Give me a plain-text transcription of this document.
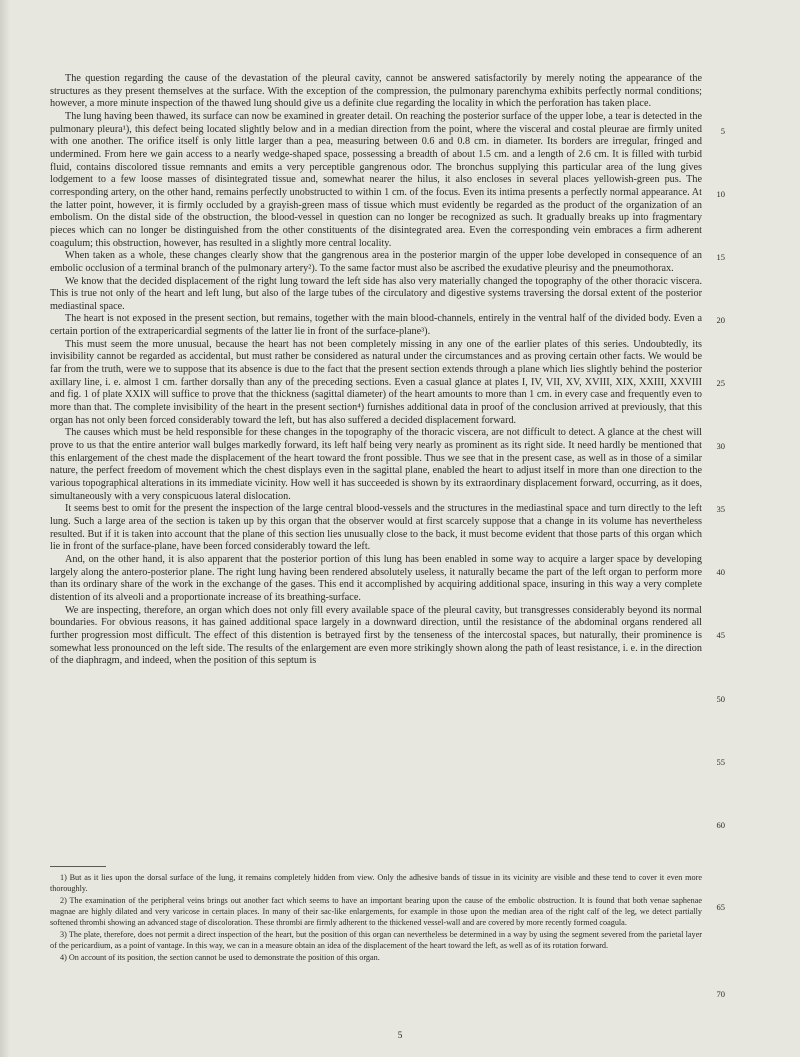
The question regarding the cause of the devastation of the pleural cavity, cannot be answered satisfactorily by merely noting the appearance of the structures as they present themselves at the surface. With the exception of the compression, the pulmonary parenchyma exhibits perfectly normal conditions; however, a more minute inspection of the thawed lung should give us a definite clue regarding the locality in which the perforation has taken place.

The lung having been thawed, its surface can now be examined in greater detail. On reaching the posterior surface of the upper lobe, a tear is detected in the pulmonary pleura¹), this defect being located slightly below and in a median direction from the point, where the visceral and costal pleurae are firmly united with one another. The orifice itself is only little larger than a pea, measuring between 0.6 and 0.8 cm. in diameter. Its borders are irregular, fringed and undermined. From here we gain access to a nearly wedge-shaped space, possessing a breadth of about 1.5 cm. and a length of 2.6 cm. It is filled with turbid fluid, contains discolored tissue remnants and emits a very perceptible gangrenous odor. The bronchus supplying this particular area of the lung gives lodgement to a few loose masses of disintegrated tissue and, somewhat nearer the hilus, it also encloses in several places yellowish-green pus. The corresponding artery, on the other hand, remains perfectly unobstructed to within 1 cm. of the focus. Even its intima presents a perfectly normal appearance. At the latter point, however, it is firmly occluded by a grayish-green mass of tissue which must evidently be regarded as the product of the organization of an embolism. On the distal side of the obstruction, the blood-vessel in question can no longer be recognized as such. It gradually breaks up into fragmentary pieces which can no longer be distinguished from the other constituents of the disintegrated area. Even the corresponding vein embraces a firm adherent coagulum; this obstruction, however, has resulted in a slightly more central locality.

When taken as a whole, these changes clearly show that the gangrenous area in the posterior margin of the upper lobe developed in consequence of an embolic occlusion of a terminal branch of the pulmonary artery²). To the same factor must also be ascribed the exudative pleurisy and the pneumothorax.

We know that the decided displacement of the right lung toward the left side has also very materially changed the topography of the other thoracic viscera. This is true not only of the heart and left lung, but also of the large tubes of the circulatory and digestive systems traversing the dorsal extent of the posterior mediastinal space.

The heart is not exposed in the present section, but remains, together with the main blood-channels, entirely in the ventral half of the divided body. Even a certain portion of the extrapericardial segments of the latter lie in front of the surface-plane³).

This must seem the more unusual, because the heart has not been completely missing in any one of the earlier plates of this series. Undoubtedly, its invisibility cannot be regarded as accidental, but must rather be considered as natural under the circumstances and as proving certain other facts. We would be far from the truth, were we to suppose that its absence is due to the fact that the present section extends through a plane which lies slightly behind the posterior axillary line, i. e. almost 1 cm. farther dorsally than any of the preceding sections. Even a casual glance at plates I, IV, VII, XV, XVIII, XIX, XXIII, XXVIII and fig. 1 of plate XXIX will suffice to prove that the thickness (sagittal diameter) of the heart amounts to more than 1 cm. in every case and frequently even to more than that. The complete invisibility of the heart in the present section⁴) furnishes additional data in proof of the conclusion arrived at previously, that this organ has not only been forced considerably toward the left, but has also suffered a decided displacement forward.

The causes which must be held responsible for these changes in the topography of the thoracic viscera, are not difficult to detect. A glance at the chest will prove to us that the entire anterior wall bulges markedly forward, its left half being very nearly as prominent as its right side. It need hardly be mentioned that this enlargement of the chest made the displacement of the heart toward the front possible. Thus we see that in the present case, as well as in those of a similar nature, the perfect freedom of movement which the chest displays even in the sagittal plane, enabled the heart to adjust itself in more than one direction to the various topographical alterations in its immediate vicinity. How well it has succeeded is shown by its extraordinary displacement forward, occurring, as it does, simultaneously with a very conspicuous lateral dislocation.

It seems best to omit for the present the inspection of the large central blood-vessels and the structures in the mediastinal space and turn directly to the left lung. Such a large area of the section is taken up by this organ that the observer would at first scarcely suppose that a change in its volume has nevertheless resulted. But if it is taken into account that the plane of this section lies unusually close to the back, it must become evident that those parts of this organ which lie in front of the surface-plane, have been forced considerably toward the left.

And, on the other hand, it is also apparent that the posterior portion of this lung has been enabled in some way to acquire a larger space by developing largely along the antero-posterior plane. The right lung having been rendered absolutely useless, it naturally became the part of the left organ to perform more than its ordinary share of the work in the exchange of the gases. This end it accomplished by acquiring additional space, insuring in this way a very complete distention of its alveoli and a proportionate increase of its breathing-surface.

We are inspecting, therefore, an organ which does not only fill every available space of the pleural cavity, but transgresses considerably beyond its normal boundaries. For obvious reasons, it has gained additional space largely in a downward direction, until the resistance of the abdominal organs rendered all further progression most difficult. The effect of this distention is betrayed first by the tenseness of the intercostal spaces, but naturally, their prominence is somewhat less pronounced on the left side. The results of the enlargement are even more strikingly shown along the path of least resistance, i. e. in the direction of the diaphragm, and indeed, when the position of this septum is

5
10
15
20
25
30
35
40
45
50
55
60
65
70

1) But as it lies upon the dorsal surface of the lung, it remains completely hidden from view. Only the adhesive bands of tissue in its vicinity are visible and these tend to cover it even more thoroughly.

2) The examination of the peripheral veins brings out another fact which seems to have an important bearing upon the cause of the embolic obstruction. It is found that both venae saphenae magnae are highly dilated and very varicose in certain places. In many of their sac-like enlargements, for example in those upon the median area of the right calf of the leg, we detect partially softened thrombi showing an advanced stage of discoloration. These thrombi are firmly adherent to the thickened vessel-wall and are covered by more recently formed coagula.

3) The plate, therefore, does not permit a direct inspection of the heart, but the position of this organ can nevertheless be determined in a way by using the segment severed from the parietal layer of the pericardium, as a point of vantage. In this way, we can in a measure obtain an idea of the displacement of the heart toward the left, as well as of its rotation forward.

4) On account of its position, the section cannot be used to demonstrate the position of this organ.

5
